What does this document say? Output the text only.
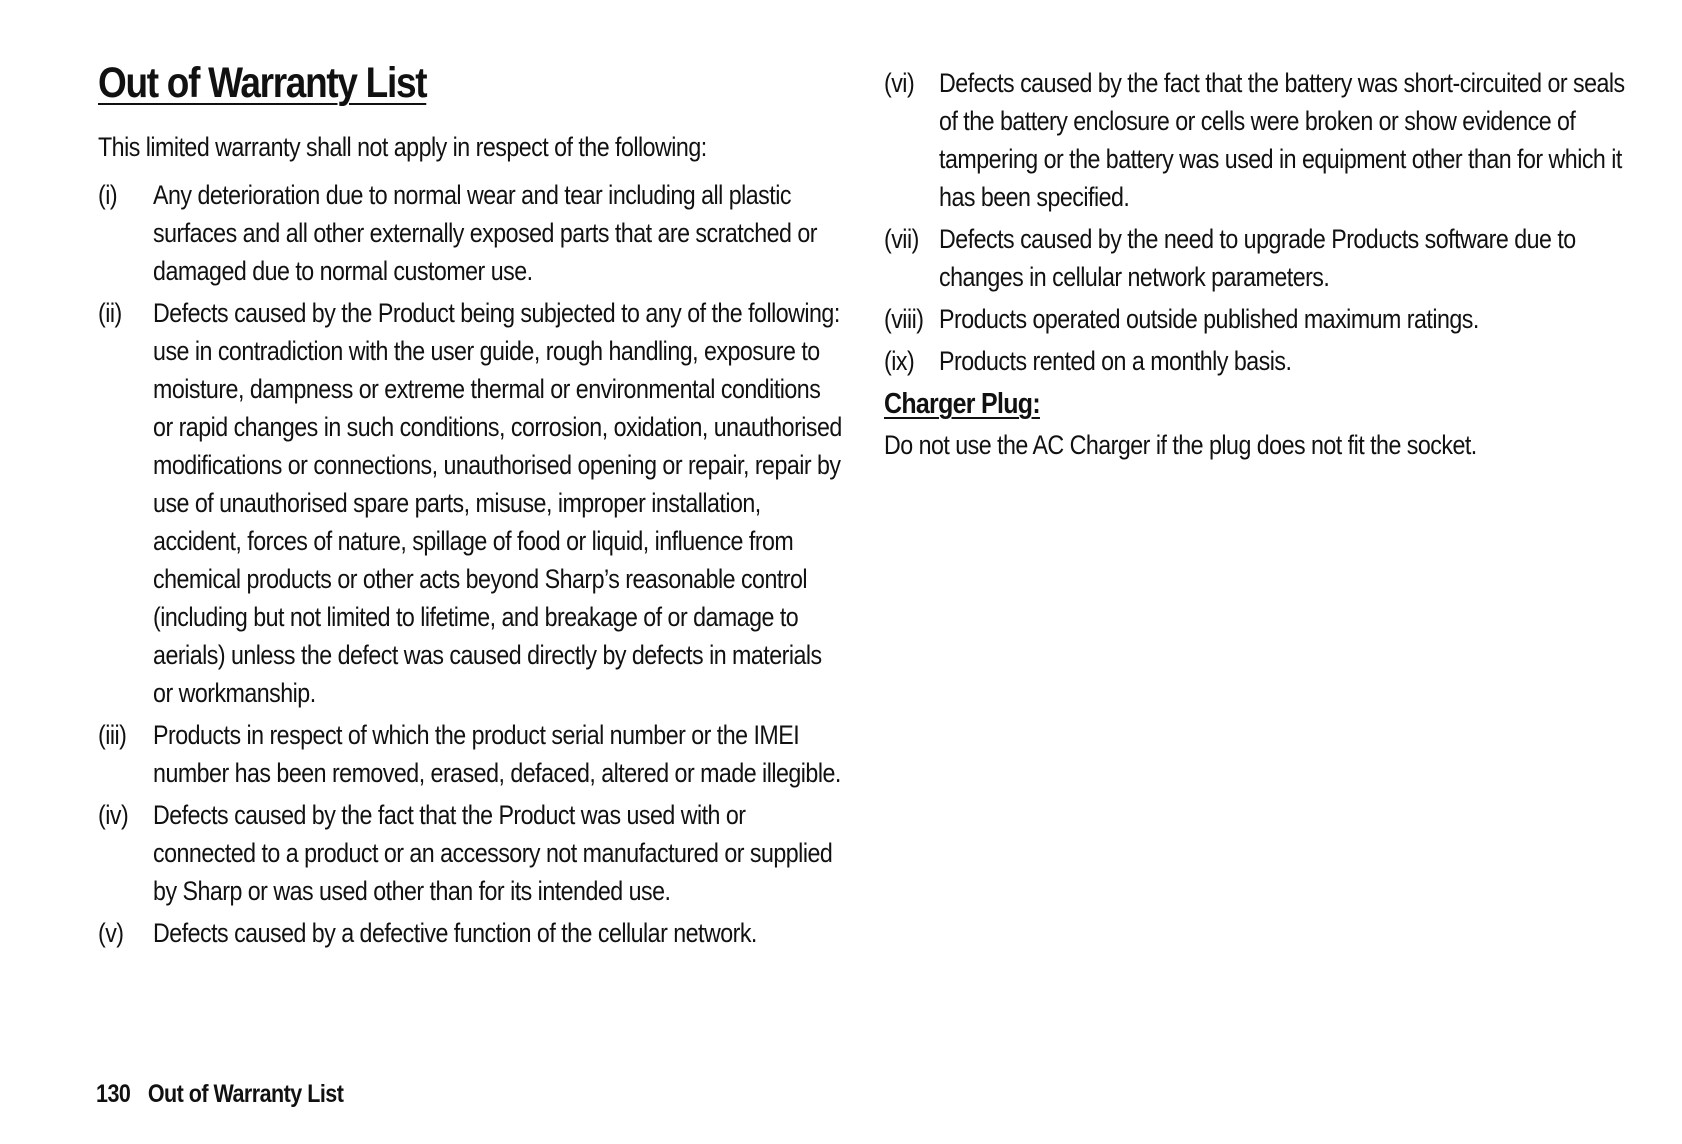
Out of Warranty List

This limited warranty shall not apply in respect of the following:

(i)	Any deterioration due to normal wear and tear including all plastic surfaces and all other externally exposed parts that are scratched or damaged due to normal customer use.
(ii)	Defects caused by the Product being subjected to any of the following: use in contradiction with the user guide, rough handling, exposure to moisture, dampness or extreme thermal or environmental conditions or rapid changes in such conditions, corrosion, oxidation, unauthorised modifications or connections, unauthorised opening or repair, repair by use of unauthorised spare parts, misuse, improper installation, accident, forces of nature, spillage of food or liquid, influence from chemical products or other acts beyond Sharp’s reasonable control (including but not limited to lifetime, and breakage of or damage to aerials) unless the defect was caused directly by defects in materials or workmanship.
(iii) Products in respect of which the product serial number or the IMEI number has been removed, erased, defaced, altered or made illegible.
(iv) Defects caused by the fact that the Product was used with or connected to a product or an accessory not manufactured or supplied by Sharp or was used other than for its intended use.
(v)	Defects caused by a defective function of the cellular network.
(vi) Defects caused by the fact that the battery was short-circuited or seals of the battery enclosure or cells were broken or show evidence of tampering or the battery was used in equipment other than for which it has been specified.
(vii) Defects caused by the need to upgrade Products software due to changes in cellular network parameters.
(viii) Products operated outside published maximum ratings.
(ix) Products rented on a monthly basis.
Charger Plug:

Do not use the AC Charger if the plug does not fit the socket.

130 Out of Warranty List
